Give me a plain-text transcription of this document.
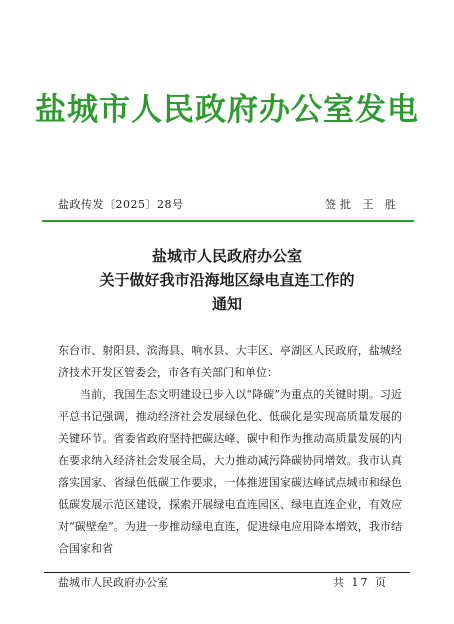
盐城市人民政府办公室发电
盐政传发〔2025〕28号	签批 王 胜
盐城市人民政府办公室
关于做好我市沿海地区绿电直连工作的
通知

东台市、射阳县、滨海县、响水县、大丰区、亭湖区人民政府，盐城经济技术开发区管委会，市各有关部门和单位：

当前，我国生态文明建设已步入以“降碳”为重点的关键时期。习近平总书记强调，推动经济社会发展绿色化、低碳化是实现高质量发展的关键环节。省委省政府坚持把碳达峰、碳中和作为推动高质量发展的内在要求纳入经济社会发展全局，大力推动减污降碳协同增效。我市认真落实国家、省绿色低碳工作要求，一体推进国家碳达峰试点城市和绿色低碳发展示范区建设，探索开展绿电直连园区、绿电直连企业，有效应对“碳壁垒”。为进一步推动绿电直连，促进绿电应用降本增效，我市结合国家和省

盐城市人民政府办公室	共 17 页
